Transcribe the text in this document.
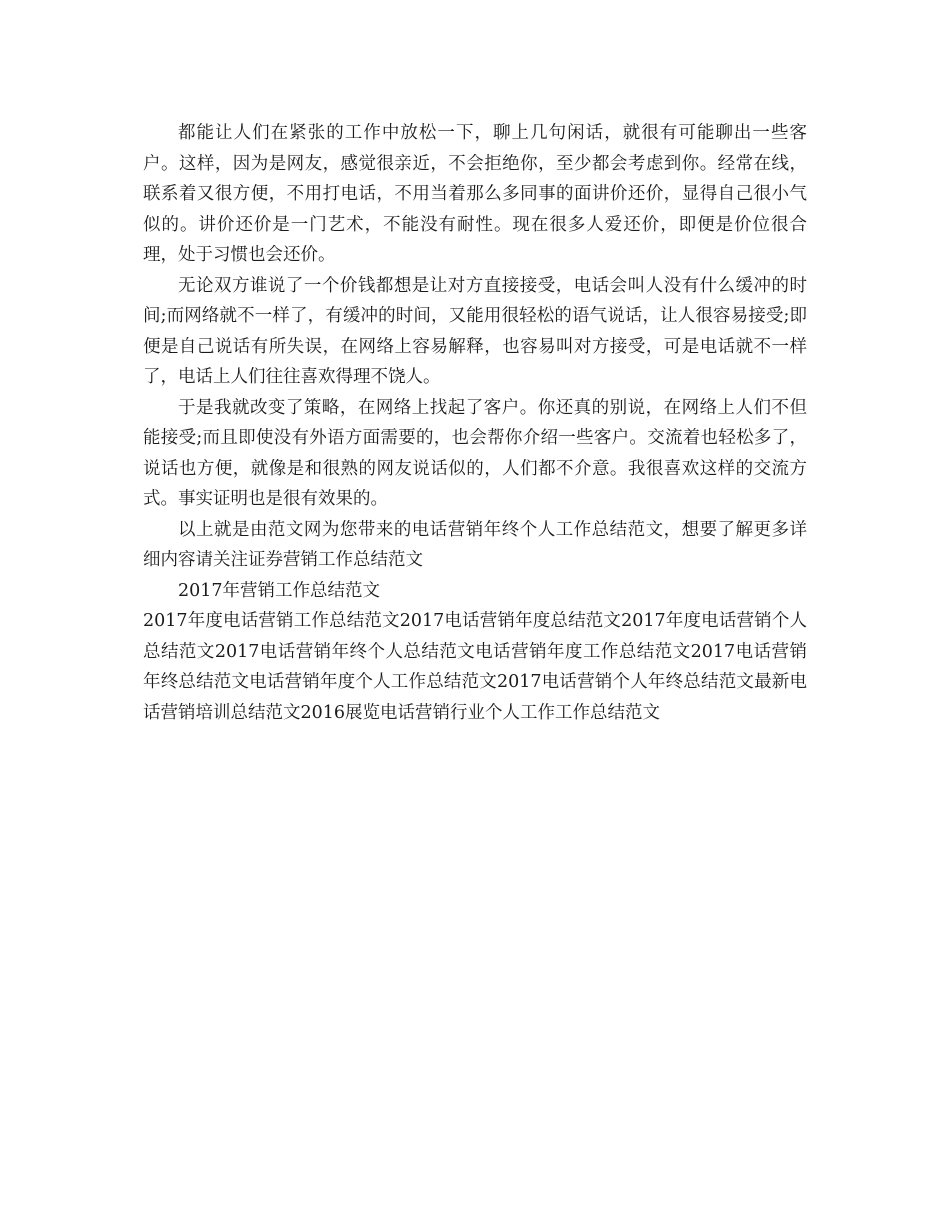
都能让人们在紧张的工作中放松一下，聊上几句闲话，就很有可能聊出一些客户。这样，因为是网友，感觉很亲近，不会拒绝你，至少都会考虑到你。经常在线，联系着又很方便，不用打电话，不用当着那么多同事的面讲价还价，显得自己很小气似的。讲价还价是一门艺术，不能没有耐性。现在很多人爱还价，即便是价位很合理，处于习惯也会还价。

无论双方谁说了一个价钱都想是让对方直接接受，电话会叫人没有什么缓冲的时间;而网络就不一样了，有缓冲的时间，又能用很轻松的语气说话，让人很容易接受;即便是自己说话有所失误，在网络上容易解释，也容易叫对方接受，可是电话就不一样了，电话上人们往往喜欢得理不饶人。

于是我就改变了策略，在网络上找起了客户。你还真的别说，在网络上人们不但能接受;而且即使没有外语方面需要的，也会帮你介绍一些客户。交流着也轻松多了，说话也方便，就像是和很熟的网友说话似的，人们都不介意。我很喜欢这样的交流方式。事实证明也是很有效果的。

以上就是由范文网为您带来的电话营销年终个人工作总结范文，想要了解更多详细内容请关注证券营销工作总结范文

2017年营销工作总结范文

2017年度电话营销工作总结范文2017电话营销年度总结范文2017年度电话营销个人总结范文2017电话营销年终个人总结范文电话营销年度工作总结范文2017电话营销年终总结范文电话营销年度个人工作总结范文2017电话营销个人年终总结范文最新电话营销培训总结范文2016展览电话营销行业个人工作工作总结范文
